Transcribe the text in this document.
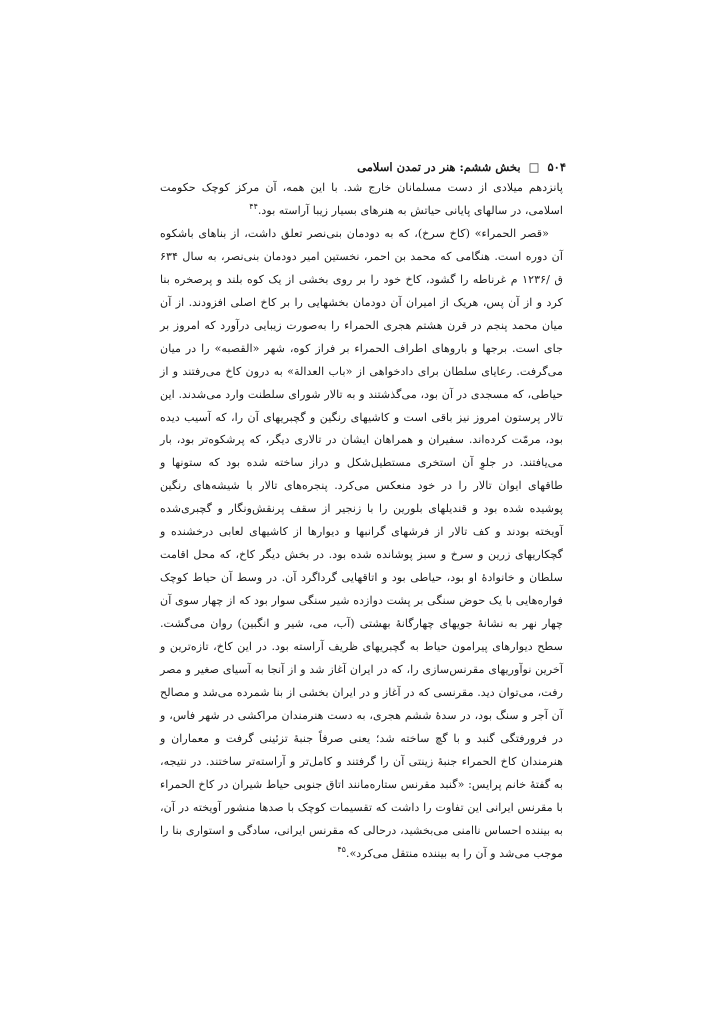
۵۰۴ □ بخش ششم: هنر در تمدن اسلامی

پانزدهم میلادی از دست مسلمانان خارج شد. با این همه، آن مرکز کوچک حکومت اسلامی، در سالهای پایانی حیاتش به هنرهای بسیار زیبا آراسته بود.$^{۴۴}$

«قصر الحمراء» (کاخ سرخ)، که به دودمان بنی‌نصر تعلق داشت، از بناهای باشکوه آن دوره است. هنگامی که محمد بن احمر، نخستین امیر دودمان بنی‌نصر، به سال ۶۳۴ ق /۱۲۳۶ م غرناطه را گشود، کاخ خود را بر روی بخشی از یک کوه بلند و پرصخره بنا کرد و از آن پس، هریک از امیران آن دودمان بخشهایی را بر کاخ اصلی افزودند. از آن میان محمد پنجم در قرن هشتم هجری الحمراء را به‌صورت زیبایی درآورد که امروز بر جای است. برجها و باروهای اطراف الحمراء بر فراز کوه، شهر «القصبه» را در میان می‌گرفت. رعایای سلطان برای دادخواهی از «باب العدالة» به درون کاخ می‌رفتند و از حیاطی، که مسجدی در آن بود، می‌گذشتند و به تالار شورای سلطنت وارد می‌شدند. این تالار پرستون امروز نیز باقی است و کاشیهای رنگین و گچبریهای آن را، که آسیب دیده بود، مرمّت کرده‌اند. سفیران و همراهان ایشان در تالاری دیگر، که پرشکوه‌تر بود، بار می‌یافتند. در جلوِ آن استخری مستطیل‌شکل و دراز ساخته شده بود که ستونها و طاقهای ایوان تالار را در خود منعکس می‌کرد. پنجره‌های تالار با شیشه‌های رنگین پوشیده شده بود و قندیلهای بلورین را با زنجیر از سقف پرنقش‌ونگار و گچبری‌شده آویخته بودند و کف تالار از فرشهای گرانبها و دیوارها از کاشیهای لعابی درخشنده و گچکاریهای زرین و سرخ و سبز پوشانده شده بود. در بخش دیگر کاخ، که محل اقامت سلطان و خانوادهٔ او بود، حیاطی بود و اتاقهایی گرداگرد آن. در وسط آن حیاط کوچک فواره‌هایی با یک حوض سنگی بر پشت دوازده شیر سنگی سوار بود که از چهار سوی آن چهار نهر به نشانهٔ جویهای چهارگانهٔ بهشتی (آب، می، شیر و انگبین) روان می‌گشت. سطح دیوارهای پیرامون حیاط به گچبریهای ظریف آراسته بود. در این کاخ، تازه‌ترین و آخرین نوآوریهای مقرنس‌سازی را، که در ایران آغاز شد و از آنجا به آسیای صغیر و مصر رفت، می‌توان دید. مقرنسی که در آغاز و در ایران بخشی از بنا شمرده می‌شد و مصالح آن آجر و سنگ بود، در سدهٔ ششم هجری، به دست هنرمندان مراکشی در شهر فاس، و در فرورفتگی گنبد و با گچ ساخته شد؛ یعنی صرفاً جنبهٔ تزئینی گرفت و معماران و هنرمندان کاخ الحمراء جنبهٔ زینتی آن را گرفتند و کامل‌تر و آراسته‌تر ساختند. در نتیجه، به گفتهٔ خانم پرایس: «گنبد مقرنس ستاره‌مانند اتاق جنوبی حیاط شیران در کاخ الحمراء با مقرنس ایرانی این تفاوت را داشت که تقسیمات کوچک با صدها منشور آویخته در آن، به بیننده احساس ناامنی می‌بخشید، درحالی که مقرنس ایرانی، سادگی و استواری بنا را موجب می‌شد و آن را به بیننده منتقل می‌کرد».$^{۴۵}$
